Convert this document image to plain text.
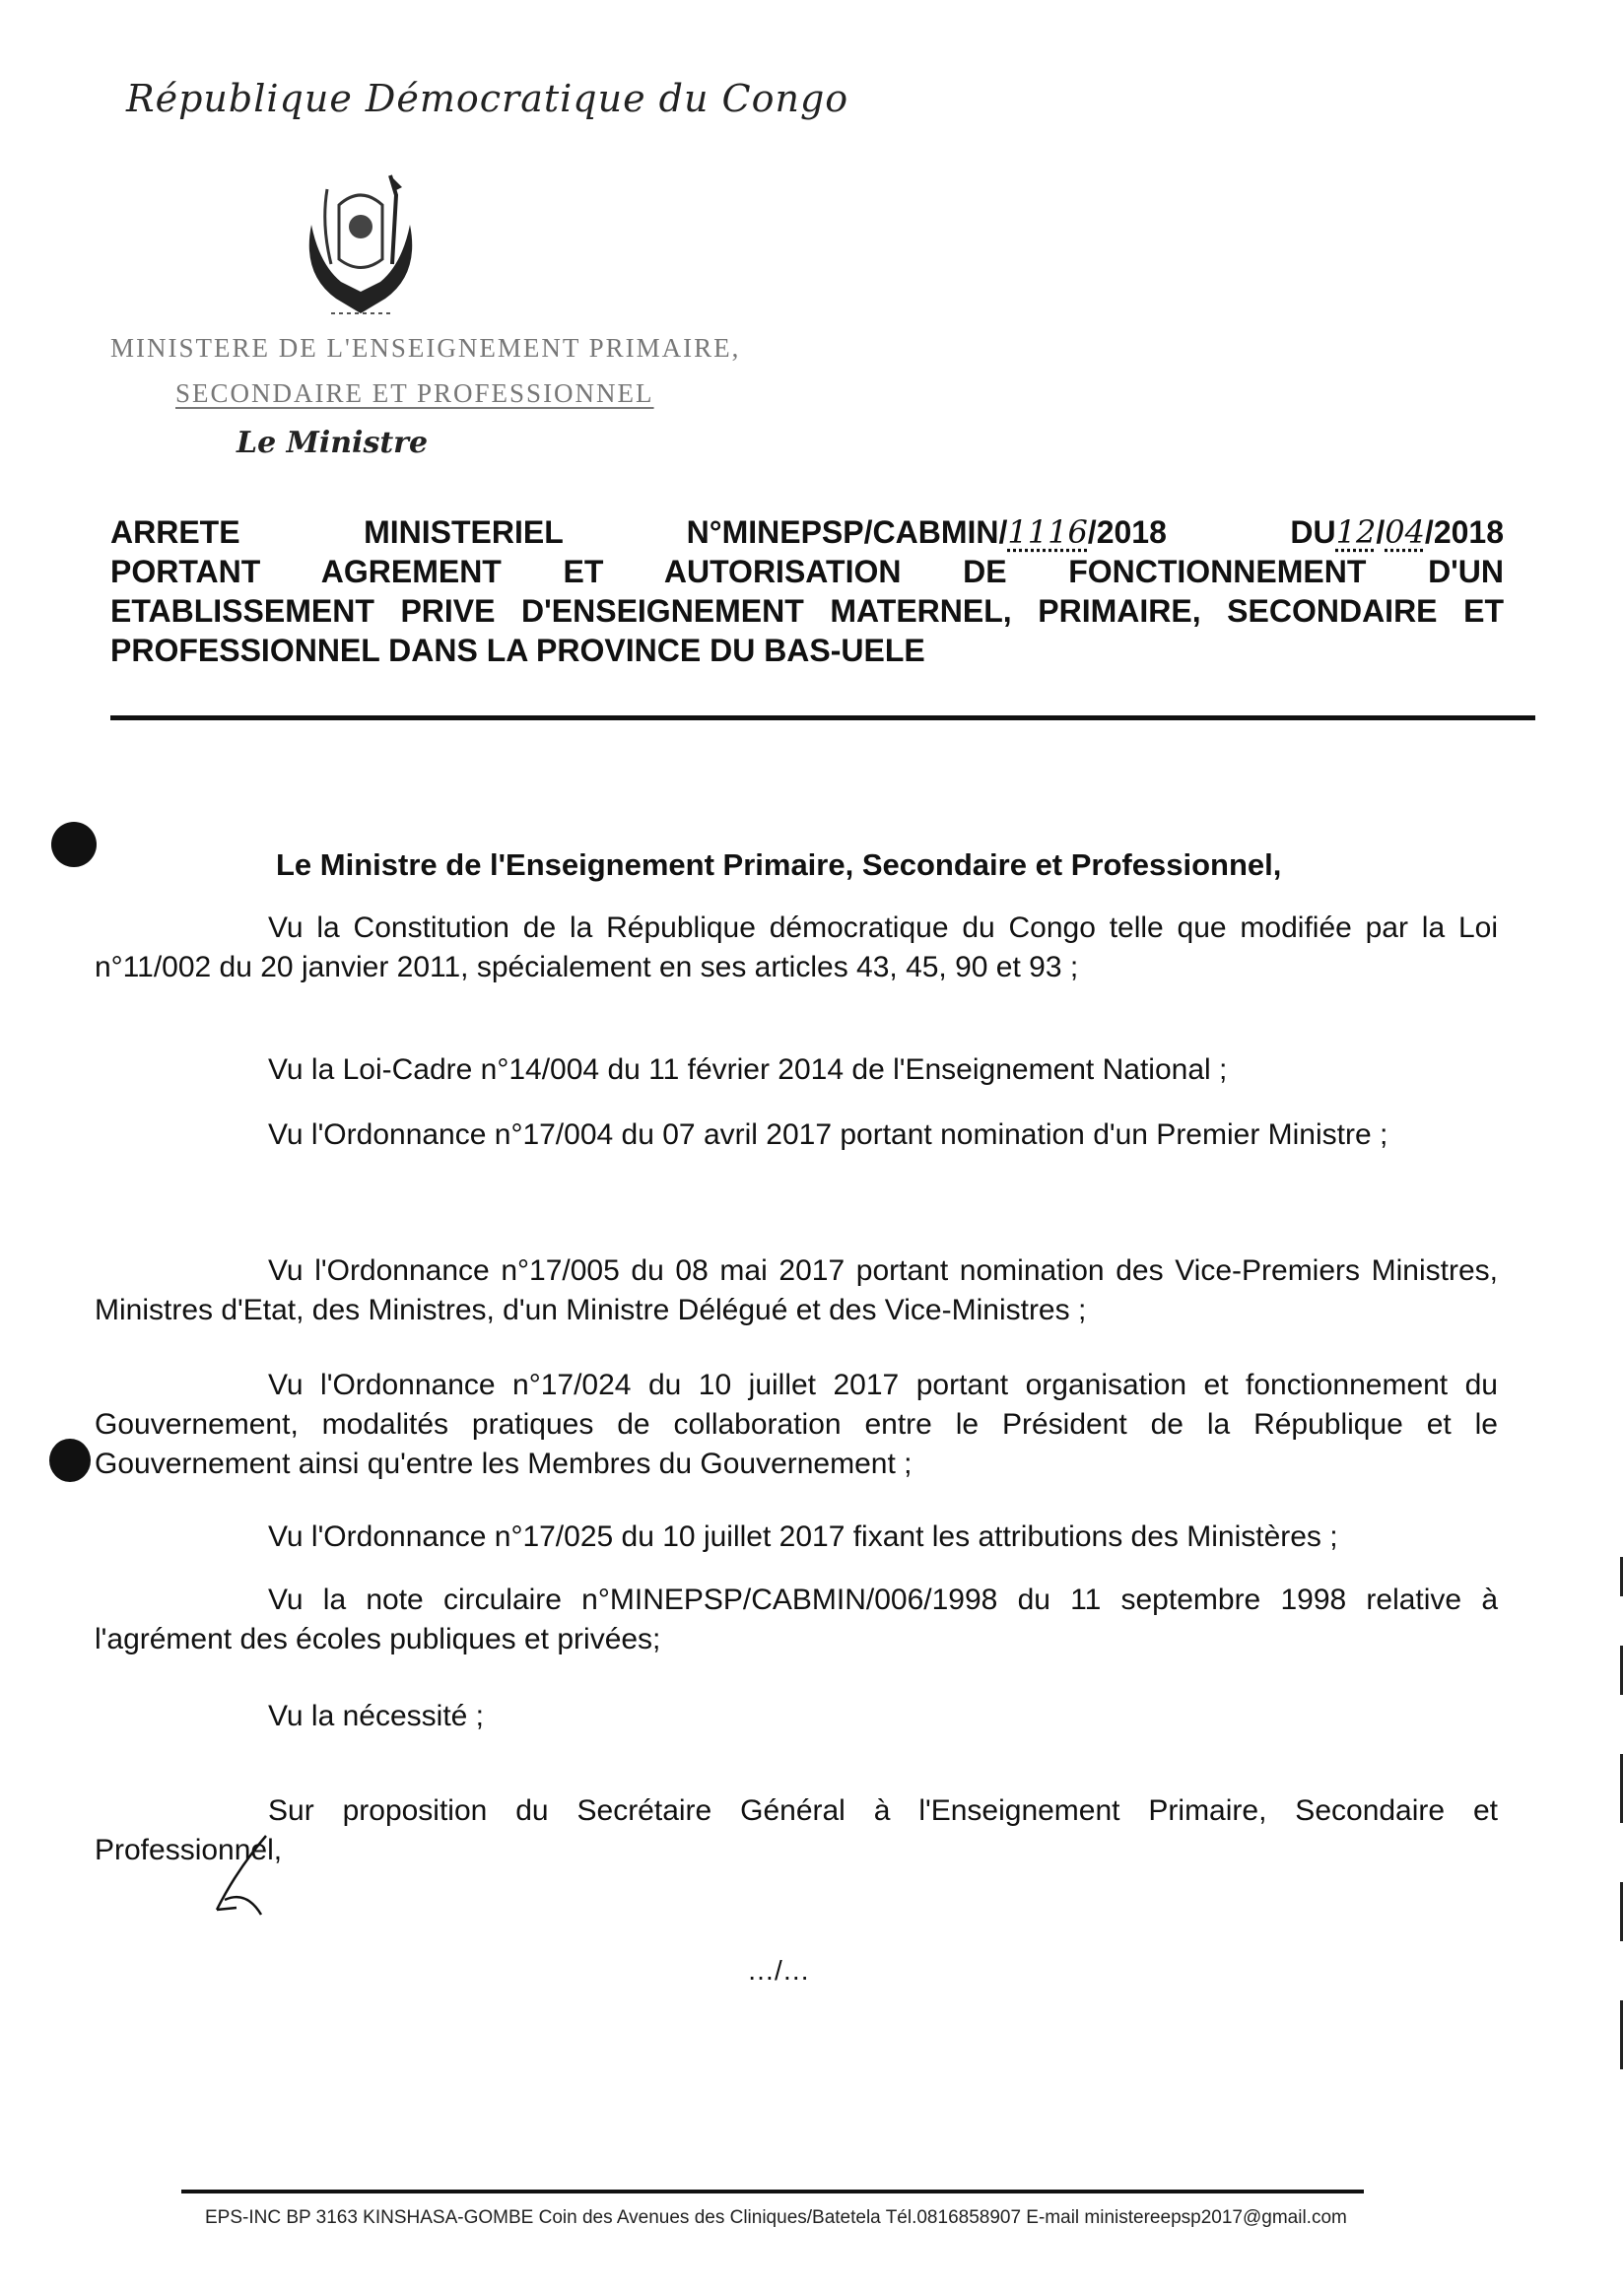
République Démocratique du Congo
MINISTERE DE L'ENSEIGNEMENT PRIMAIRE,
SECONDAIRE ET PROFESSIONNEL
Le Ministre
ARRETE MINISTERIEL N°MINEPSP/CABMIN/1116/2018 DU12/04/2018
PORTANT AGREMENT ET AUTORISATION DE FONCTIONNEMENT D'UN
ETABLISSEMENT PRIVE D'ENSEIGNEMENT MATERNEL, PRIMAIRE, SECONDAIRE ET
PROFESSIONNEL DANS LA PROVINCE DU BAS-UELE
Le Ministre de l'Enseignement Primaire, Secondaire et Professionnel,

Vu la Constitution de la République démocratique du Congo telle que modifiée par la Loi n°11/002 du 20 janvier 2011, spécialement en ses articles 43, 45, 90 et 93 ;

Vu la Loi-Cadre n°14/004 du 11 février 2014 de l'Enseignement National ;

Vu l'Ordonnance n°17/004 du 07 avril 2017 portant nomination d'un Premier Ministre ;

Vu l'Ordonnance n°17/005 du 08 mai 2017 portant nomination des Vice-Premiers Ministres, Ministres d'Etat, des Ministres, d'un Ministre Délégué et des Vice-Ministres ;

Vu l'Ordonnance n°17/024 du 10 juillet 2017 portant organisation et fonctionnement du Gouvernement, modalités pratiques de collaboration entre le Président de la République et le Gouvernement ainsi qu'entre les Membres du Gouvernement ;

Vu l'Ordonnance n°17/025 du 10 juillet 2017 fixant les attributions des Ministères ;

Vu la note circulaire n°MINEPSP/CABMIN/006/1998 du 11 septembre 1998 relative à l'agrément des écoles publiques et privées;

Vu la nécessité ;

Sur proposition du Secrétaire Général à l'Enseignement Primaire, Secondaire et Professionnel,

…/…
EPS-INC BP 3163 KINSHASA-GOMBE Coin des Avenues des Cliniques/Batetela Tél.0816858907 E-mail ministereepsp2017@gmail.com
